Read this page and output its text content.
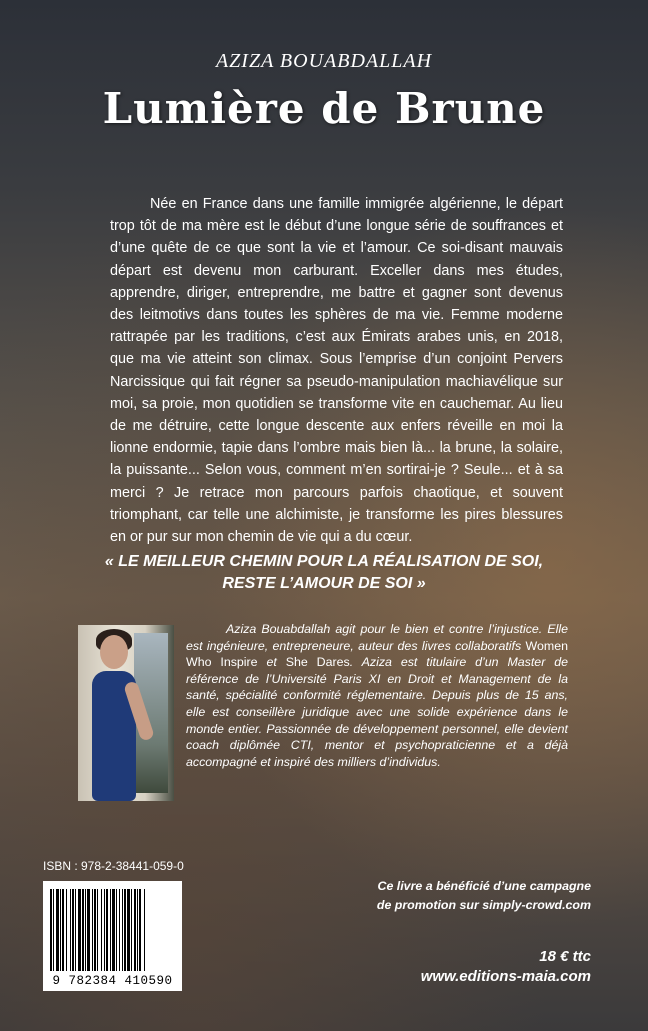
AZIZA BOUABDALLAH
Lumière de Brune

Née en France dans une famille immigrée algérienne, le départ trop tôt de ma mère est le début d’une longue série de souffrances et d’une quête de ce que sont la vie et l’amour. Ce soi-disant mauvais départ est devenu mon carburant. Exceller dans mes études, apprendre, diriger, entreprendre, me battre et gagner sont devenus des leitmotivs dans toutes les sphères de ma vie. Femme moderne rattrapée par les traditions, c’est aux Émirats arabes unis, en 2018, que ma vie atteint son climax. Sous l’emprise d’un conjoint Pervers Narcissique qui fait régner sa pseudo-manipulation machiavélique sur moi, sa proie, mon quotidien se transforme vite en cauchemar. Au lieu de me détruire, cette longue descente aux enfers réveille en moi la lionne endormie, tapie dans l’ombre mais bien là... la brune, la solaire, la puissante... Selon vous, comment m’en sortirai-je ? Seule... et à sa merci ? Je retrace mon parcours parfois chaotique, et souvent triomphant, car telle une alchimiste, je transforme les pires blessures en or pur sur mon chemin de vie qui a du cœur.

« LE MEILLEUR CHEMIN POUR LA RÉALISATION DE SOI,
RESTE L’AMOUR DE SOI »

Aziza Bouabdallah agit pour le bien et contre l’injustice. Elle est ingénieure, entrepreneure, auteur des livres collaboratifs Women Who Inspire et She Dares. Aziza est titulaire d’un Master de référence de l’Université Paris XI en Droit et Management de la santé, spécialité conformité réglementaire. Depuis plus de 15 ans, elle est conseillère juridique avec une solide expérience dans le monde entier. Passionnée de développement personnel, elle devient coach diplômée CTI, mentor et psychopraticienne et a déjà accompagné et inspiré des milliers d’individus.

ISBN : 978-2-38441-059-0
9 782384 410590
Ce livre a bénéficié d’une campagne
de promotion sur simply-crowd.com
18 € ttc
www.editions-maia.com
